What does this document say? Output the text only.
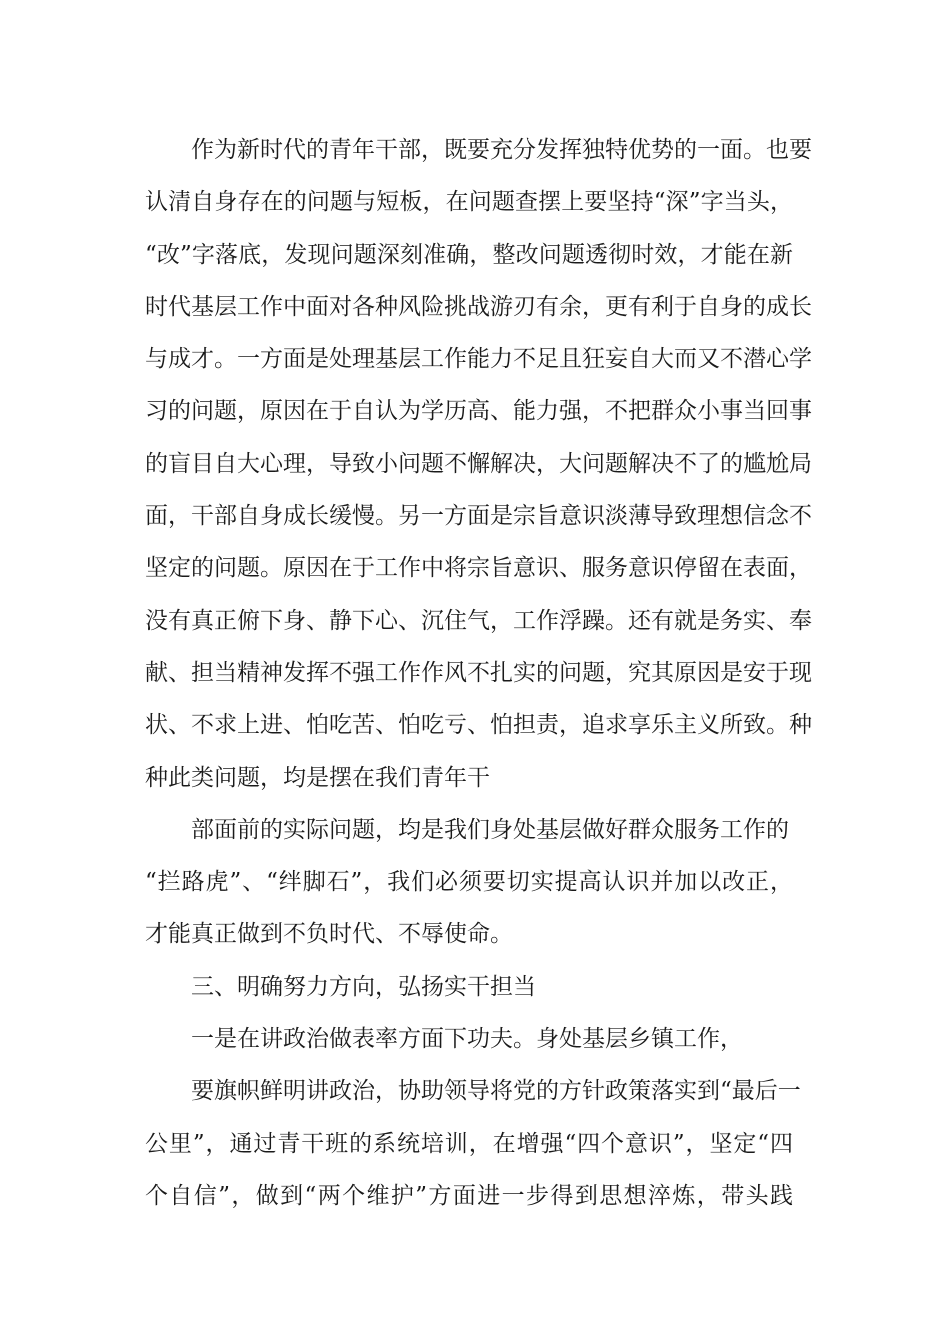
作为新时代的青年干部，既要充分发挥独特优势的一面。也要
认清自身存在的问题与短板，在问题查摆上要坚持“深”字当头，
“改”字落底，发现问题深刻准确，整改问题透彻时效，才能在新
时代基层工作中面对各种风险挑战游刃有余，更有利于自身的成长
与成才。一方面是处理基层工作能力不足且狂妄自大而又不潜心学
习的问题，原因在于自认为学历高、能力强，不把群众小事当回事
的盲目自大心理，导致小问题不懈解决，大问题解决不了的尴尬局
面，干部自身成长缓慢。另一方面是宗旨意识淡薄导致理想信念不
坚定的问题。原因在于工作中将宗旨意识、服务意识停留在表面，
没有真正俯下身、静下心、沉住气，工作浮躁。还有就是务实、奉
献、担当精神发挥不强工作作风不扎实的问题，究其原因是安于现
状、不求上进、怕吃苦、怕吃亏、怕担责，追求享乐主义所致。种
种此类问题，均是摆在我们青年干
部面前的实际问题，均是我们身处基层做好群众服务工作的
“拦路虎”、“绊脚石”，我们必须要切实提高认识并加以改正，
才能真正做到不负时代、不辱使命。
三、明确努力方向，弘扬实干担当
一是在讲政治做表率方面下功夫。身处基层乡镇工作，
要旗帜鲜明讲政治，协助领导将党的方针政策落实到“最后一
公里”，通过青干班的系统培训，在增强“四个意识”，坚定“四
个自信”，做到“两个维护”方面进一步得到思想淬炼，带头践
